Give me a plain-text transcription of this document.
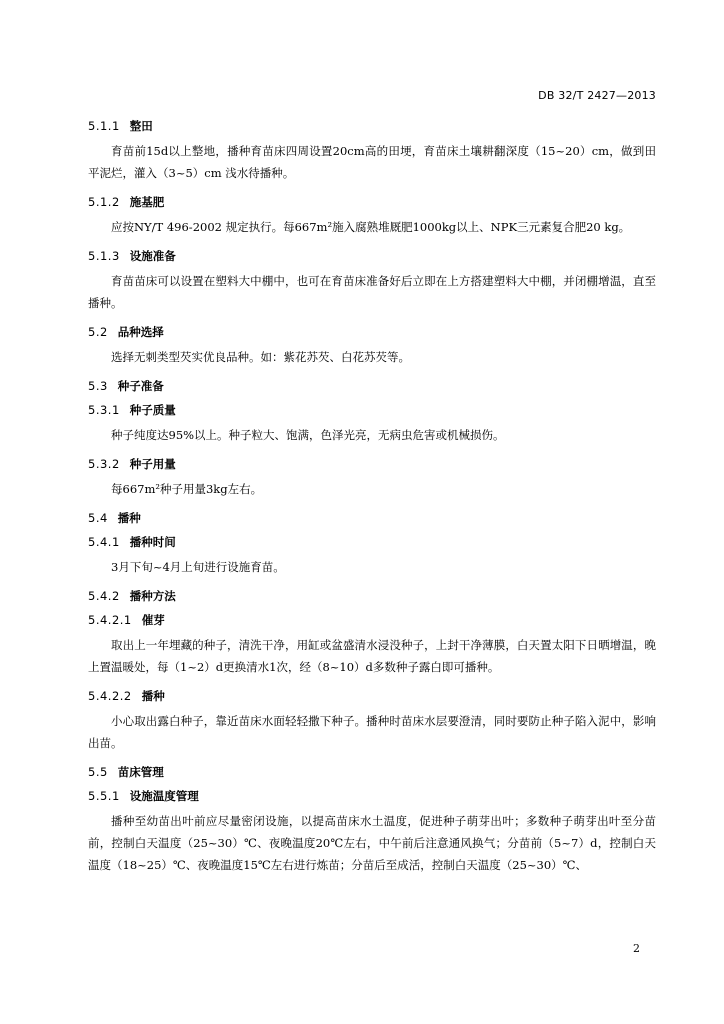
DB 32/T 2427—2013
5.1.1 整田
育苗前15d以上整地，播种育苗床四周设置20cm高的田埂，育苗床土壤耕翻深度（15~20）cm，做到田平泥烂，灌入（3~5）cm 浅水待播种。
5.1.2 施基肥
应按NY/T 496-2002 规定执行。每667m²施入腐熟堆厩肥1000kg以上、NPK三元素复合肥20 kg。
5.1.3 设施准备
育苗苗床可以设置在塑料大中棚中，也可在育苗床准备好后立即在上方搭建塑料大中棚，并闭棚增温，直至播种。
5.2 品种选择
选择无刺类型芡实优良品种。如：紫花苏芡、白花苏芡等。
5.3 种子准备
5.3.1 种子质量
种子纯度达95%以上。种子粒大、饱满，色泽光亮，无病虫危害或机械损伤。
5.3.2 种子用量
每667m²种子用量3kg左右。
5.4 播种
5.4.1 播种时间
3月下旬~4月上旬进行设施育苗。
5.4.2 播种方法
5.4.2.1 催芽
取出上一年埋藏的种子，清洗干净，用缸或盆盛清水浸没种子，上封干净薄膜，白天置太阳下日晒增温，晚上置温暖处，每（1~2）d更换清水1次，经（8~10）d多数种子露白即可播种。
5.4.2.2 播种
小心取出露白种子，靠近苗床水面轻轻撒下种子。播种时苗床水层要澄清，同时要防止种子陷入泥中，影响出苗。
5.5 苗床管理
5.5.1 设施温度管理
播种至幼苗出叶前应尽量密闭设施，以提高苗床水土温度，促进种子萌芽出叶；多数种子萌芽出叶至分苗前，控制白天温度（25~30）℃、夜晚温度20℃左右，中午前后注意通风换气；分苗前（5~7）d，控制白天温度（18~25）℃、夜晚温度15℃左右进行炼苗；分苗后至成活，控制白天温度（25~30）℃、
2
